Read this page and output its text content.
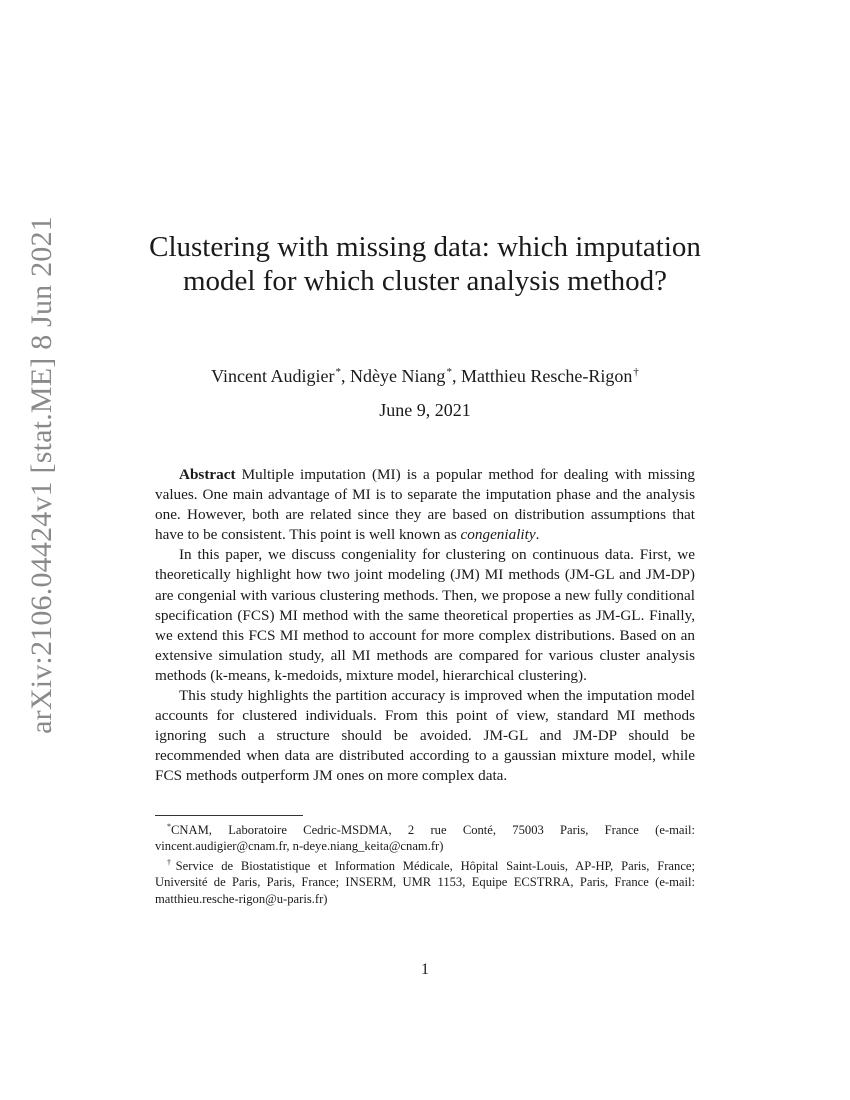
arXiv:2106.04424v1 [stat.ME] 8 Jun 2021	Clustering with missing data: which imputation model for which cluster analysis method?
Vincent Audigier*, Ndèye Niang*, Matthieu Resche-Rigon†
June 9, 2021

Abstract Multiple imputation (MI) is a popular method for dealing with missing values. One main advantage of MI is to separate the imputation phase and the analysis one. However, both are related since they are based on distribution assumptions that have to be consistent. This point is well known as congeniality.

In this paper, we discuss congeniality for clustering on continuous data. First, we theoretically highlight how two joint modeling (JM) MI methods (JM-GL and JM-DP) are congenial with various clustering methods. Then, we propose a new fully conditional specification (FCS) MI method with the same theoretical properties as JM-GL. Finally, we extend this FCS MI method to account for more complex distributions. Based on an extensive simulation study, all MI methods are compared for various cluster analysis methods (k-means, k-medoids, mixture model, hierarchical clustering).

This study highlights the partition accuracy is improved when the imputation model accounts for clustered individuals. From this point of view, standard MI methods ignoring such a structure should be avoided. JM-GL and JM-DP should be recommended when data are distributed according to a gaussian mixture model, while FCS methods outperform JM ones on more complex data.

*CNAM, Laboratoire Cedric-MSDMA, 2 rue Conté, 75003 Paris, France (e-mail: vincent.audigier@cnam.fr, n-deye.niang_keita@cnam.fr)

†Service de Biostatistique et Information Médicale, Hôpital Saint-Louis, AP-HP, Paris, France; Université de Paris, Paris, France; INSERM, UMR 1153, Equipe ECSTRRA, Paris, France (e-mail: matthieu.resche-rigon@u-paris.fr)

1
